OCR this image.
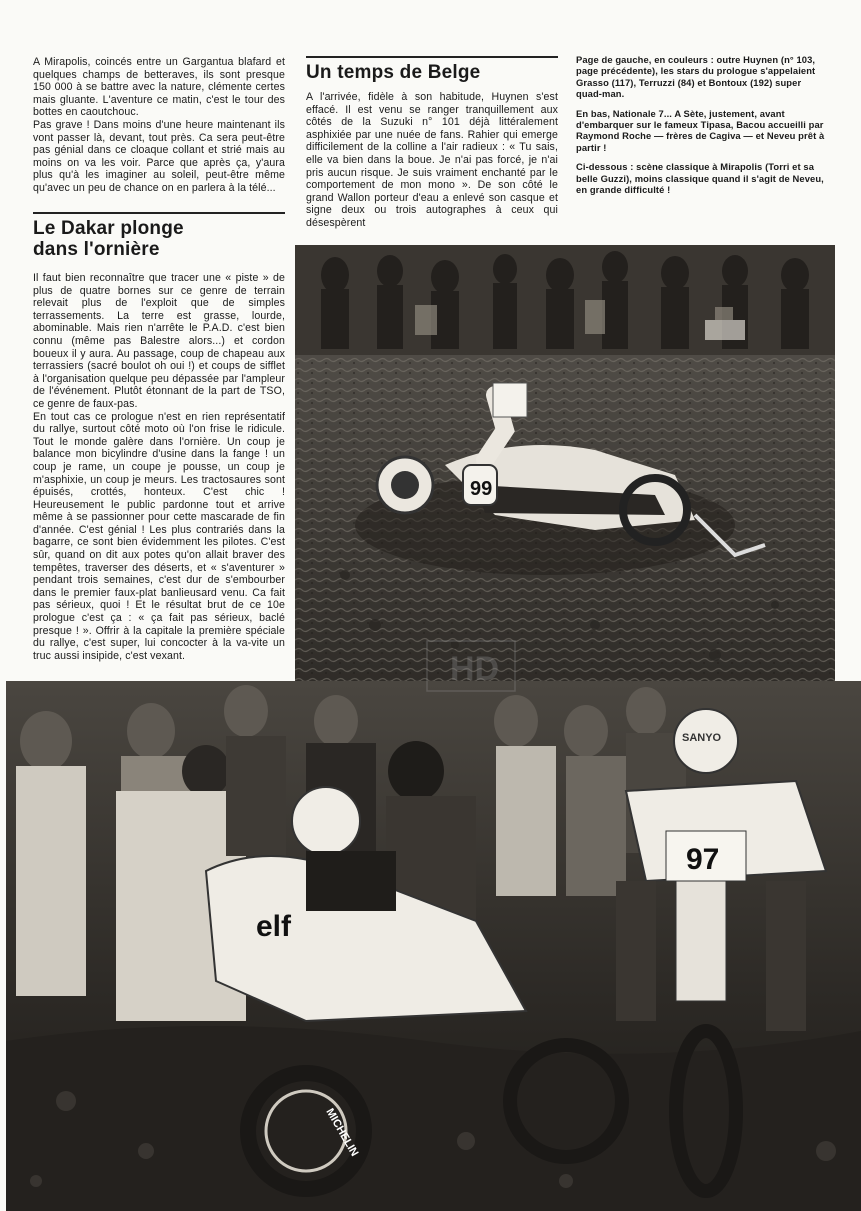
A Mirapolis, coincés entre un Gargantua blafard et quelques champs de betteraves, ils sont presque 150 000 à se battre avec la nature, clémente certes mais gluante. L'aventure ce matin, c'est le tour des bottes en caoutchouc.

Pas grave ! Dans moins d'une heure maintenant ils vont passer là, devant, tout près. Ca sera peut-être pas génial dans ce cloaque collant et strié mais au moins on va les voir. Parce que après ça, y'aura plus qu'à les imaginer au soleil, peut-être même qu'avec un peu de chance on en parlera à la télé...

Le Dakar plonge
dans l'ornière

Il faut bien reconnaître que tracer une « piste » de plus de quatre bornes sur ce genre de terrain relevait plus de l'exploit que de simples terrassements. La terre est grasse, lourde, abominable. Mais rien n'arrête le P.A.D. c'est bien connu (même pas Balestre alors...) et cordon boueux il y aura. Au passage, coup de chapeau aux terrassiers (sacré boulot oh oui !) et coups de sifflet à l'organisation quelque peu dépassée par l'ampleur de l'événement. Plutôt étonnant de la part de TSO, ce genre de faux-pas.

En tout cas ce prologue n'est en rien représentatif du rallye, surtout côté moto où l'on frise le ridicule. Tout le monde galère dans l'ornière. Un coup je balance mon bicylindre d'usine dans la fange ! un coup je rame, un coupe je pousse, un coup je m'asphixie, un coup je meurs. Les tractosaures sont épuisés, crottés, honteux. C'est chic ! Heureusement le public pardonne tout et arrive même à se passionner pour cette mascarade de fin d'année. C'est génial ! Les plus contrariés dans la bagarre, ce sont bien évidemment les pilotes. C'est sûr, quand on dit aux potes qu'on allait braver des tempêtes, traverser des déserts, et « s'aventurer » pendant trois semaines, c'est dur de s'embourber dans le premier faux-plat banlieusard venu. Ca fait pas sérieux, quoi ! Et le résultat brut de ce 10e prologue c'est ça : « ça fait pas sérieux, baclé presque ! ». Offrir à la capitale la première spéciale du rallye, c'est super, lui concocter à la va-vite un truc aussi insipide, c'est vexant.

Un temps de Belge

A l'arrivée, fidèle à son habitude, Huynen s'est effacé. Il est venu se ranger tranquillement aux côtés de la Suzuki n° 101 déjà littéralement asphixiée par une nuée de fans. Rahier qui emerge difficilement de la colline a l'air radieux : « Tu sais, elle va bien dans la boue. Je n'ai pas forcé, je n'ai pris aucun risque. Je suis vraiment enchanté par le comportement de mon mono ». De son côté le grand Wallon porteur d'eau a enlevé son casque et signe deux ou trois autographes à ceux qui désespèrent

Page de gauche, en couleurs : outre Huynen (n° 103, page précédente), les stars du prologue s'appelaient Grasso (117), Terruzzi (84) et Bontoux (192) super quad-man.

En bas, Nationale 7... A Sète, justement, avant d'embarquer sur le fameux Tipasa, Bacou accueilli par Raymond Roche — frères de Cagiva — et Neveu prêt à partir !

Ci-dessous : scène classique à Mirapolis (Torri et sa belle Guzzi), moins classique quand il s'agit de Neveu, en grande difficulté !

99
elf
MICHELIN
SANYO
97
HD
